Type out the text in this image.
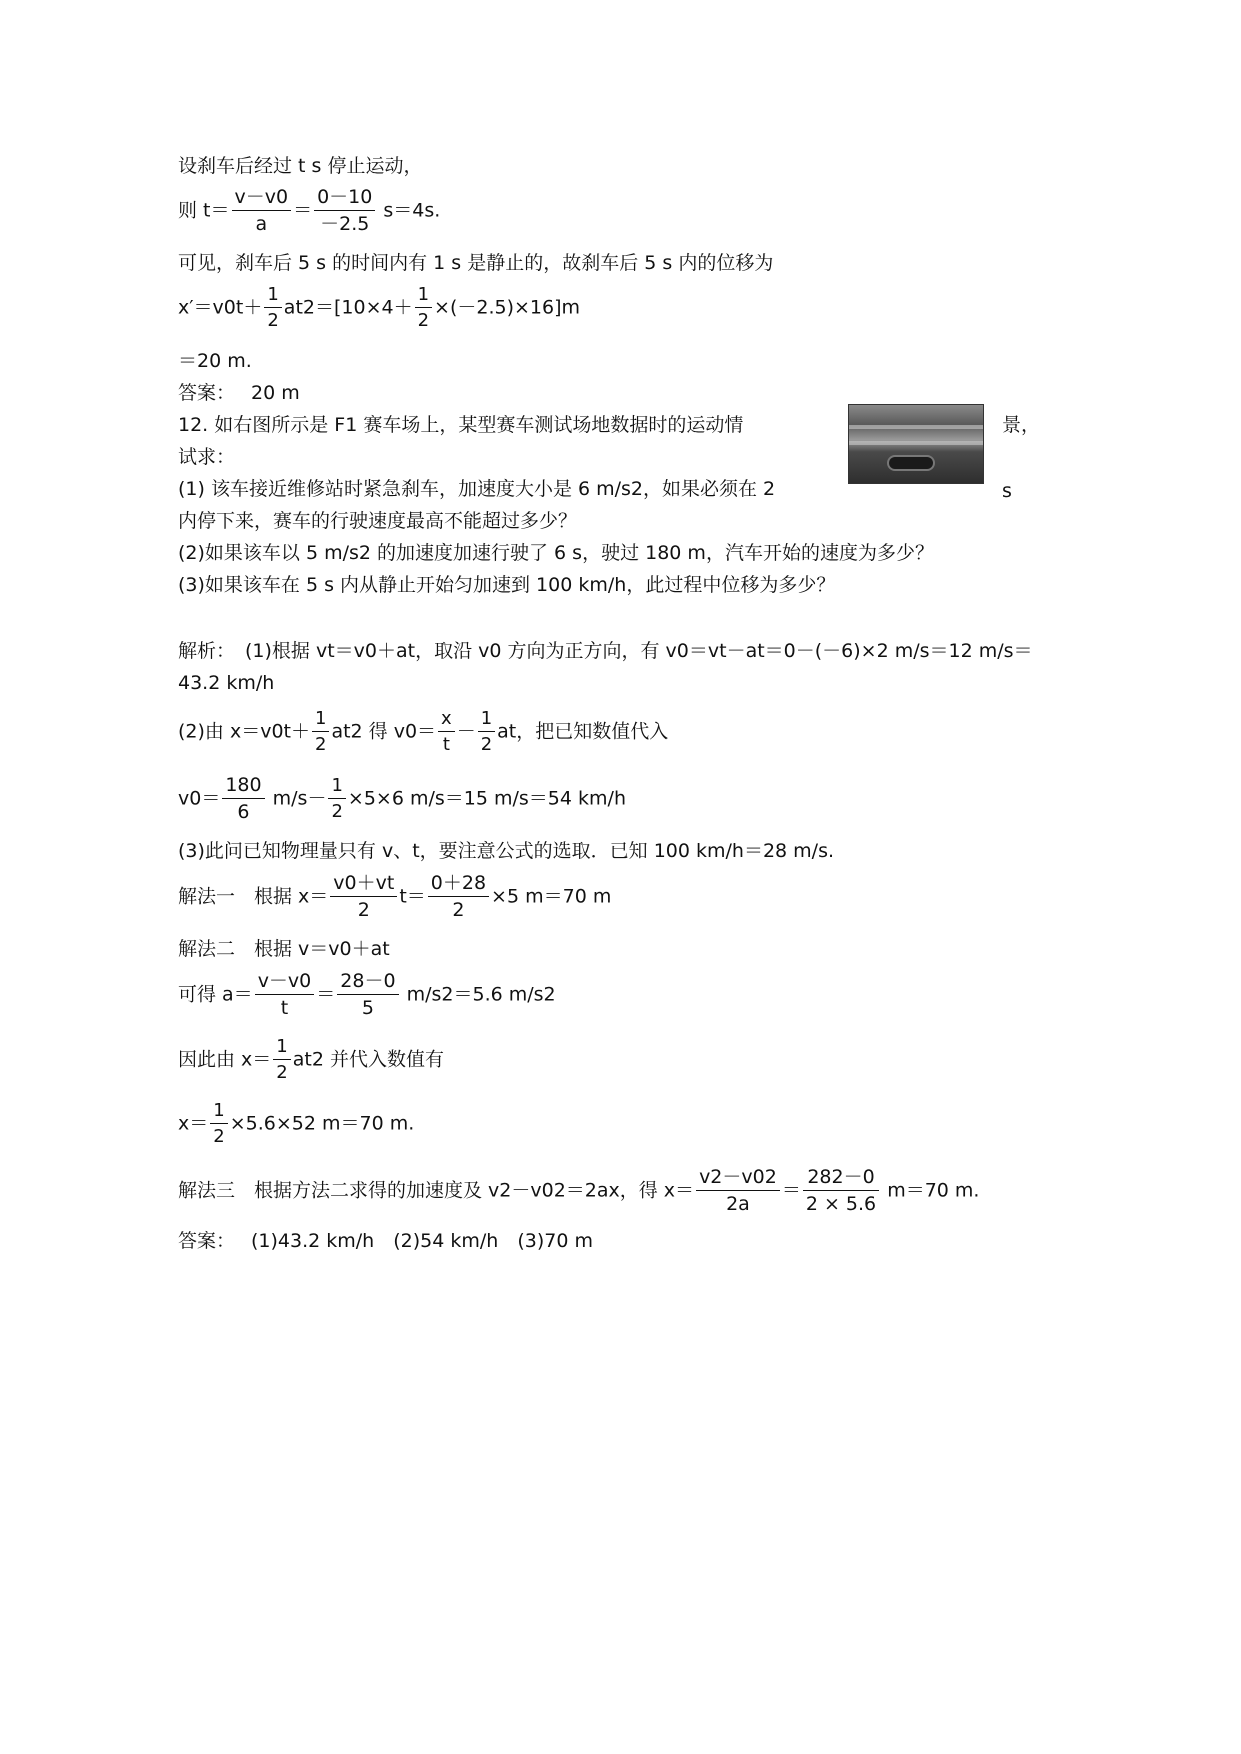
设刹车后经过 t s 停止运动，
则 $t= \frac{v-v0}{a} = \frac{0-10}{-2.5} s=4s$.
可见，刹车后 5 s 的时间内有 1 s 是静止的，故刹车后 5 s 内的位移为
$x'=v0t+ \frac{1}{2} at2=[10\times 4+ \frac{1}{2} \times(-2.5)\times 16]m$
＝20 m.
答案： 20 m
12. 如右图所示是 F1 赛车场上，某型赛车测试场地数据时的运动情	景，
试求：
(1) 该车接近维修站时紧急刹车，加速度大小是 6 m/s2，如果必须在 2	s
内停下来，赛车的行驶速度最高不能超过多少？
(2)如果该车以 5 m/s2 的加速度加速行驶了 6 s，驶过 180 m，汽车开始的速度为多少？
(3)如果该车在 5 s 内从静止开始匀加速到 100 km/h，此过程中位移为多少？
解析： (1)根据 vt＝v0＋at，取沿 v0 方向为正方向，有 v0＝vt－at＝0－(－6)×2 m/s＝12 m/s＝
43.2 km/h
(2)由 $x=v0t+ \frac{1}{2} at2$ 得 $v0= \frac{x}{t} - \frac{1}{2}$ at，把已知数值代入
$v0= \frac{180}{6} m/s- \frac{1}{2} \times 5\times 6$ m/s＝15 m/s＝54 km/h
(3)此问已知物理量只有 v、t，要注意公式的选取．已知 100 km/h＝28 m/s.
解法一　根据 $x= \frac{v0+vt}{2} t= \frac{0+28}{2} \times 5$ m＝70 m
解法二　根据 v＝v0＋at
可得 $a= \frac{v-v0}{t} = \frac{28-0}{5} m/s2=5.6$ m/s2
因此由 $x= \frac{1}{2} at2$ 并代入数值有
$x= \frac{1}{2} \times 5.6\times 52$ m＝70 m.
解法三　根据方法二求得的加速度及 v2－v02＝2ax，得 $x= \frac{v2-v02}{2a} = \frac{282-0}{2 \times 5.6} m=70$ m.
答案： (1)43.2 km/h　(2)54 km/h　(3)70 m
